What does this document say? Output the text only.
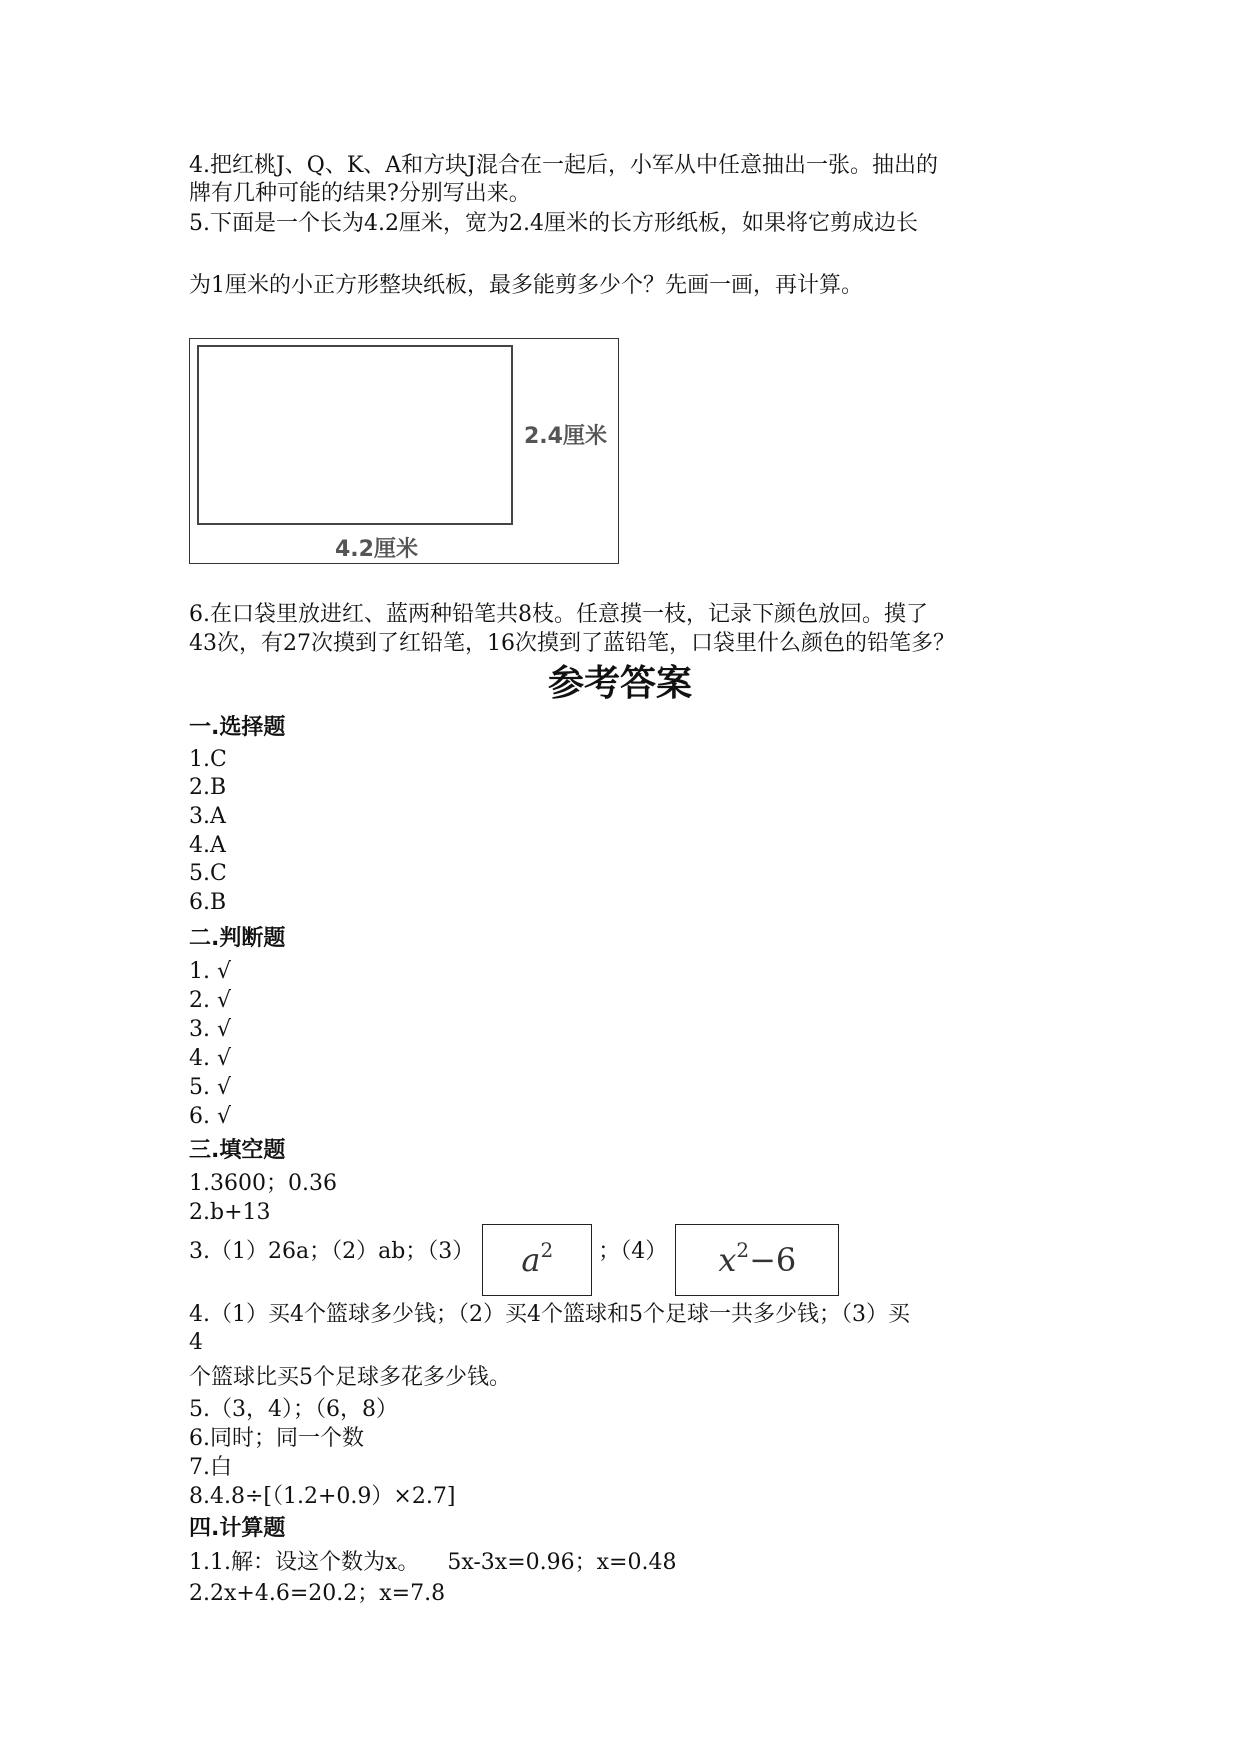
4.把红桃J、Q、K、A和方块J混合在一起后，小军从中任意抽出一张。抽出的
牌有几种可能的结果?分别写出来。
5.下面是一个长为4.2厘米，宽为2.4厘米的长方形纸板，如果将它剪成边长
为1厘米的小正方形整块纸板，最多能剪多少个？先画一画，再计算。
2.4厘米
4.2厘米
6.在口袋里放进红、蓝两种铅笔共8枝。任意摸一枝，记录下颜色放回。摸了
43次，有27次摸到了红铅笔，16次摸到了蓝铅笔，口袋里什么颜色的铅笔多？
参考答案
一.选择题
1.C
2.B
3.A
4.A
5.C
6.B
二.判断题
1. √
2. √
3. √
4. √
5. √
6. √
三.填空题
1.3600；0.36
2.b+13
3.（1）26a；（2）ab；（3） $a^2$ ；（4） $x^2-6$
4.（1）买4个篮球多少钱；（2）买4个篮球和5个足球一共多少钱；（3）买
4
个篮球比买5个足球多花多少钱。
5.（3，4）；（6，8）
6.同时；同一个数
7.白
8.4.8÷[（1.2+0.9）×2.7]
四.计算题
1.1.解：设这个数为x。    5x-3x=0.96；x=0.48
2.2x+4.6=20.2；x=7.8
